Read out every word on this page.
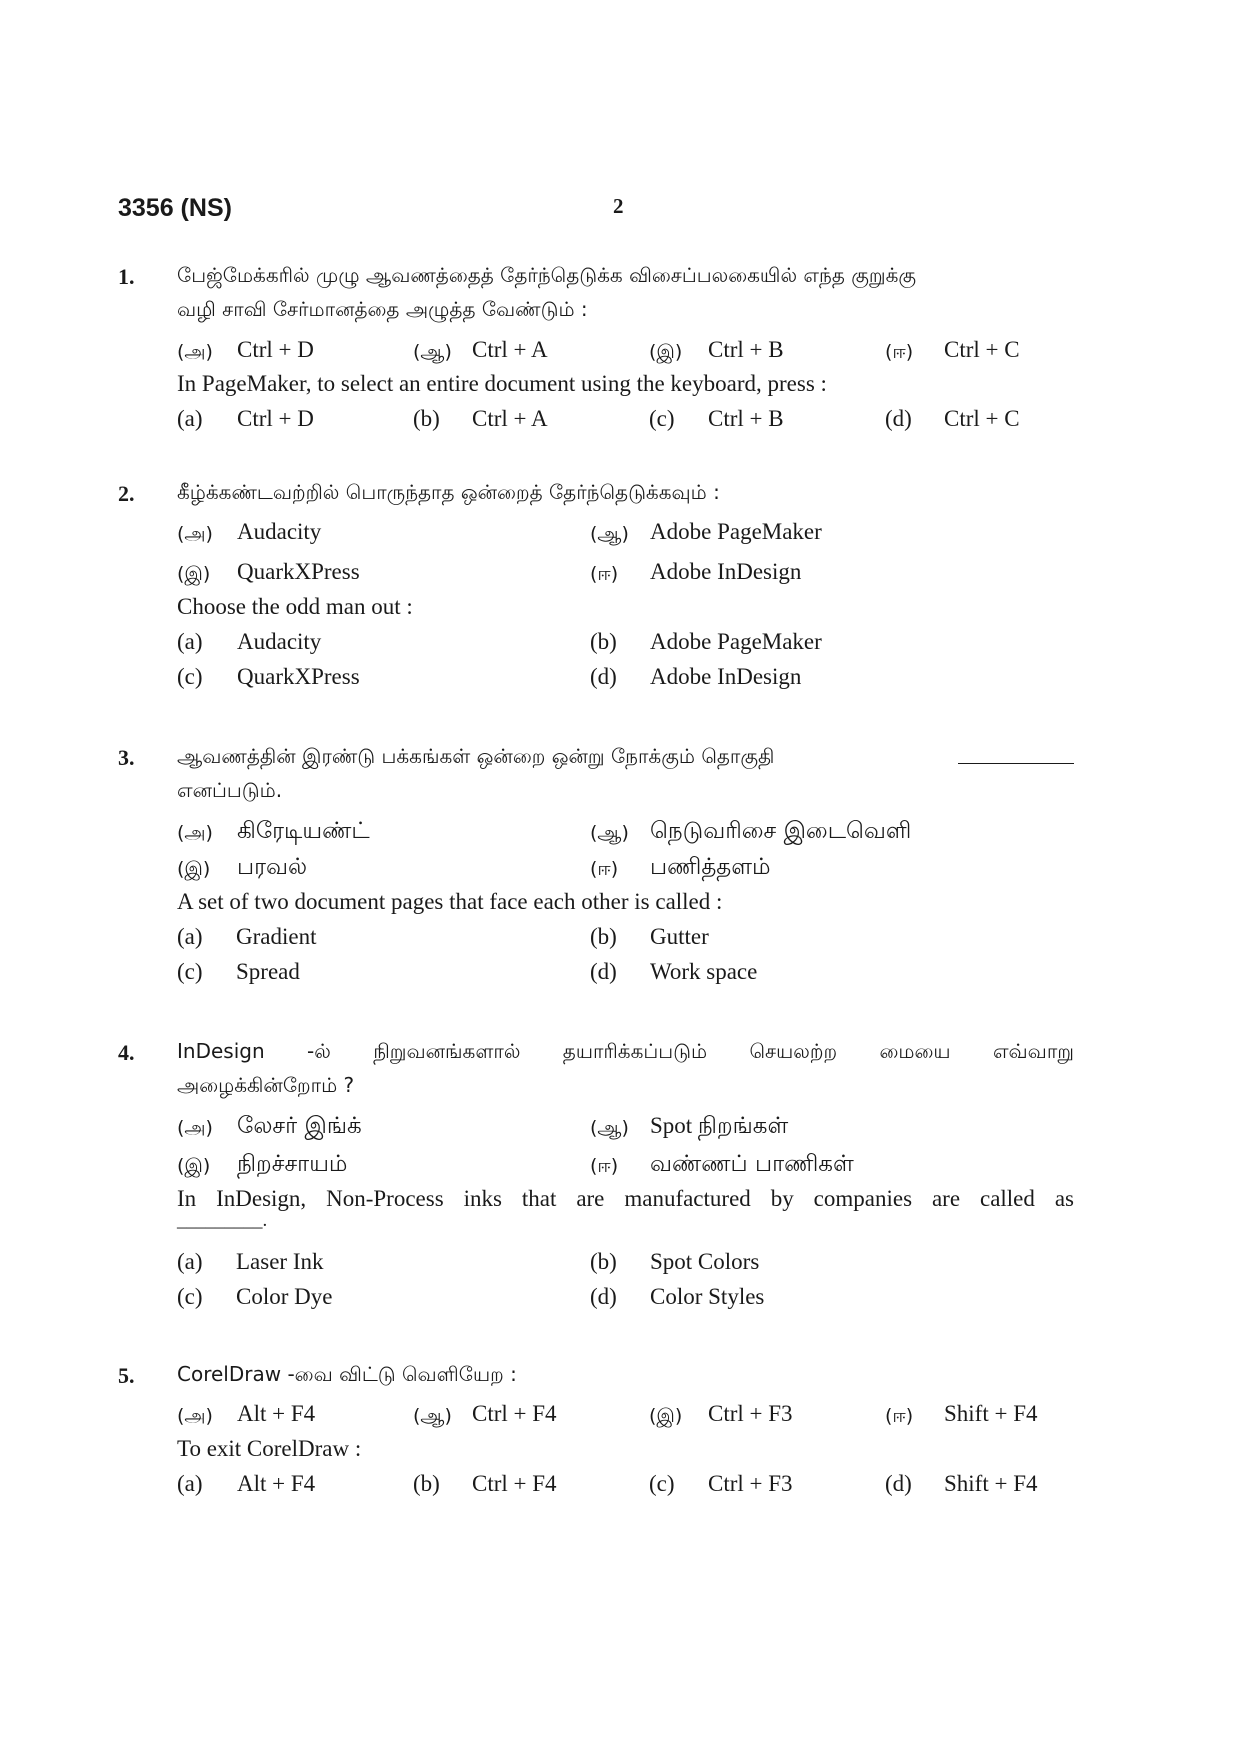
3356 (NS)	2
1. பேஜ்மேக்கரில் முழு ஆவணத்தைத் தேர்ந்தெடுக்க விசைப்பலகையில் எந்த குறுக்கு
வழி சாவி சேர்மானத்தை அழுத்த வேண்டும் :
(அ) Ctrl + D	(ஆ) Ctrl + A	(இ) Ctrl + B	(ஈ) Ctrl + C
In PageMaker, to select an entire document using the keyboard, press :
(a) Ctrl + D	(b) Ctrl + A	(c) Ctrl + B	(d) Ctrl + C
2. கீழ்க்கண்டவற்றில் பொருந்தாத ஒன்றைத் தேர்ந்தெடுக்கவும் :
(அ) Audacity	(ஆ) Adobe PageMaker
(இ) QuarkXPress	(ஈ) Adobe InDesign
Choose the odd man out :
(a) Audacity	(b) Adobe PageMaker
(c) QuarkXPress	(d) Adobe InDesign
3. ஆவணத்தின் இரண்டு பக்கங்கள் ஒன்றை ஒன்று நோக்கும் தொகுதி
எனப்படும்.
(அ) கிரேடியண்ட்	(ஆ) நெடுவரிசை இடைவெளி
(இ) பரவல்	(ஈ) பணித்தளம்
A set of two document pages that face each other is called :
(a) Gradient	(b) Gutter
(c) Spread	(d) Work space
4. InDesign -ல் நிறுவனங்களால் தயாரிக்கப்படும் செயலற்ற மையை எவ்வாறு
அழைக்கின்றோம் ?
(அ) லேசர் இங்க்	(ஆ) Spot நிறங்கள்
(இ) நிறச்சாயம்	(ஈ) வண்ணப் பாணிகள்
In InDesign, Non-Process inks that are manufactured by companies are called as
_________.
(a) Laser Ink	(b) Spot Colors
(c) Color Dye	(d) Color Styles
5. CorelDraw -வை விட்டு வெளியேற :
(அ) Alt + F4	(ஆ) Ctrl + F4	(இ) Ctrl + F3	(ஈ) Shift + F4
To exit CorelDraw :
(a) Alt + F4	(b) Ctrl + F4	(c) Ctrl + F3	(d) Shift + F4
